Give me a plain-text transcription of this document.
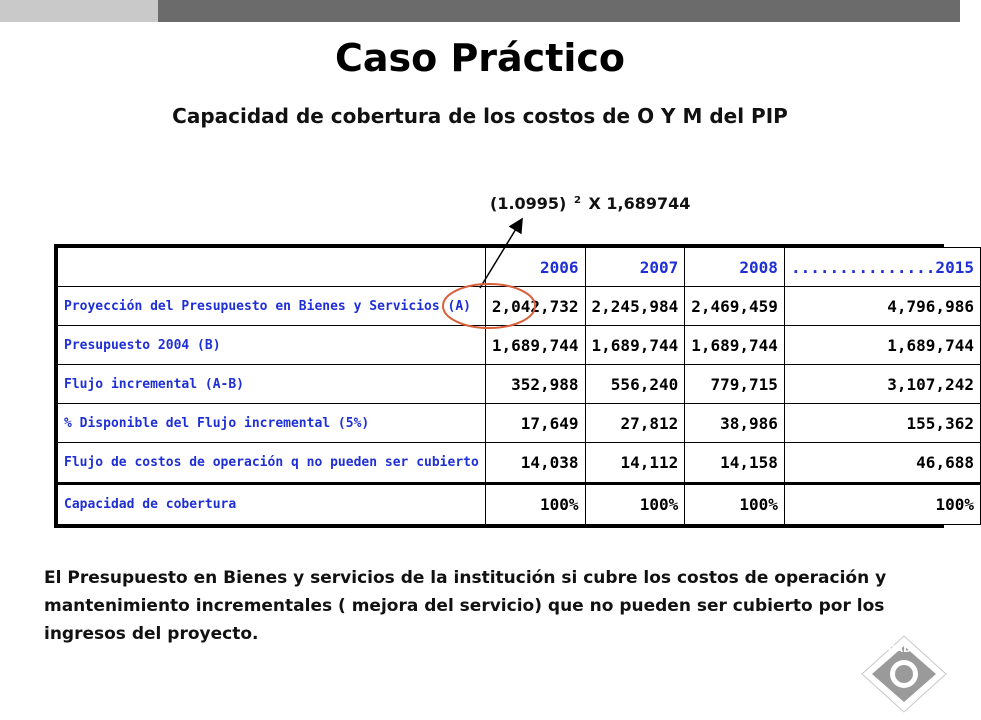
Caso Práctico
Capacidad de cobertura de los costos de O Y M del PIP
(1.0995) $^2$ X 1,689744
	2006	2007	2008	...............2015
Proyección del Presupuesto en Bienes y Servicios (A)	2,042,732	2,245,984	2,469,459	4,796,986
Presupuesto 2004 (B)	1,689,744	1,689,744	1,689,744	1,689,744
Flujo incremental (A-B)	352,988	556,240	779,715	3,107,242
% Disponible del Flujo incremental (5%)	17,649	27,812	38,986	155,362
Flujo de costos de operación q no pueden ser cubierto	14,038	14,112	14,158	46,688
Capacidad de cobertura	100%	100%	100%	100%
El Presupuesto en Bienes y servicios de la institución si cubre los costos de operación y mantenimiento incrementales ( mejora del servicio) que no pueden ser cubierto por los ingresos del proyecto.
CAD
